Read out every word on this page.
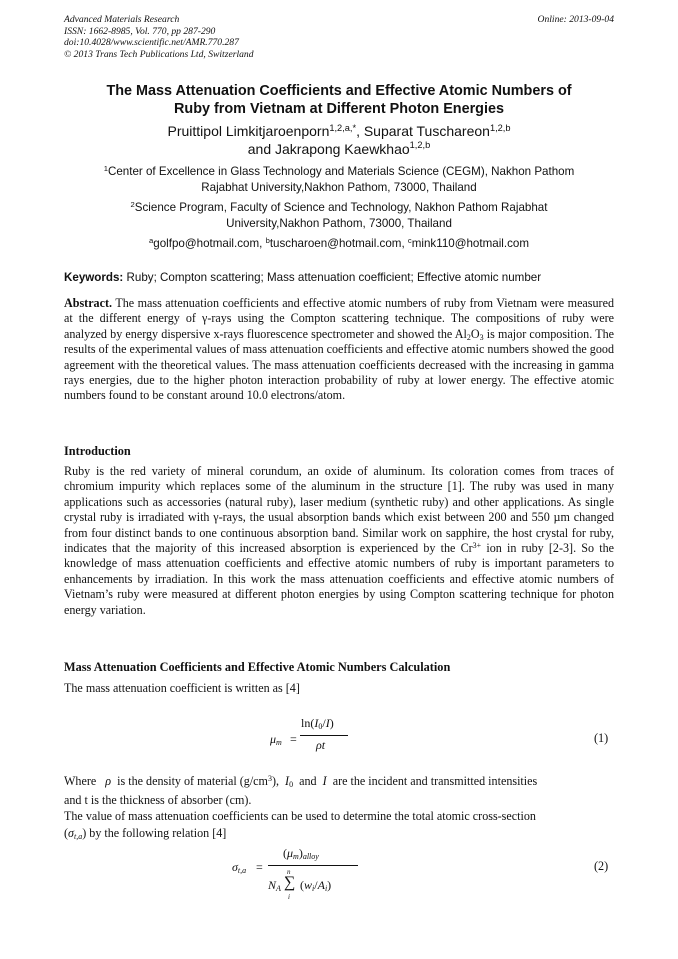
Advanced Materials Research
ISSN: 1662-8985, Vol. 770, pp 287-290
doi:10.4028/www.scientific.net/AMR.770.287
© 2013 Trans Tech Publications Ltd, Switzerland
Online: 2013-09-04
The Mass Attenuation Coefficients and Effective Atomic Numbers of
Ruby from Vietnam at Different Photon Energies
Pruittipol Limkitjaroenporn$^{1,2,a,*}$, Suparat Tuschareon$^{1,2,b}$
and Jakrapong Kaewkhao$^{1,2,b}$
$^1$Center of Excellence in Glass Technology and Materials Science (CEGM), Nakhon Pathom
Rajabhat University,Nakhon Pathom, 73000, Thailand
$^2$Science Program, Faculty of Science and Technology, Nakhon Pathom Rajabhat
University,Nakhon Pathom, 73000, Thailand
$^a$golfpo@hotmail.com, $^b$tuscharoen@hotmail.com, $^c$mink110@hotmail.com
Keywords: Ruby; Compton scattering; Mass attenuation coefficient; Effective atomic number
Abstract. The mass attenuation coefficients and effective atomic numbers of ruby from Vietnam were measured at the different energy of γ-rays using the Compton scattering technique. The compositions of ruby were analyzed by energy dispersive x-rays fluorescence spectrometer and showed the $Al_2O_3$ is major composition. The results of the experimental values of mass attenuation coefficients and effective atomic numbers showed the good agreement with the theoretical values. The mass attenuation coefficients decreased with the increasing in gamma rays energies, due to the higher photon interaction probability of ruby at lower energy. The effective atomic numbers found to be constant around 10.0 electrons/atom.
Introduction
Ruby is the red variety of mineral corundum, an oxide of aluminum. Its coloration comes from traces of chromium impurity which replaces some of the aluminum in the structure [1]. The ruby was used in many applications such as accessories (natural ruby), laser medium (synthetic ruby) and other applications. As single crystal ruby is irradiated with γ-rays, the usual absorption bands which exist between 200 and 550 µm changed from four distinct bands to one continuous absorption band. Similar work on sapphire, the host crystal for ruby, indicates that the majority of this increased absorption is experienced by the $Cr^{3+}$ ion in ruby [2-3]. So the knowledge of mass attenuation coefficients and effective atomic numbers of ruby is important parameters to enhancements by irradiation. In this work the mass attenuation coefficients and effective atomic numbers of Vietnam’s ruby were measured at different photon energies by using Compton scattering technique for photon energy variation.
Mass Attenuation Coefficients and Effective Atomic Numbers Calculation
The mass attenuation coefficient is written as [4]
$\mu_m$ =
$\ln(I_0/I)$
ρt	(1)
Where   ρ  is the density of material $(g/cm^3)$,  $I_0$  and  I  are the incident and transmitted intensities
and t is the thickness of absorber (cm).
The value of mass attenuation coefficients can be used to determine the total atomic cross-section
$(\sigma_{t,a})$ by the following relation [4]
$\sigma_{t,a}$ =
$(\mu_m)_{alloy}$
$N_A$
n
∑
i
$(w_i/A_i)$
(2)
